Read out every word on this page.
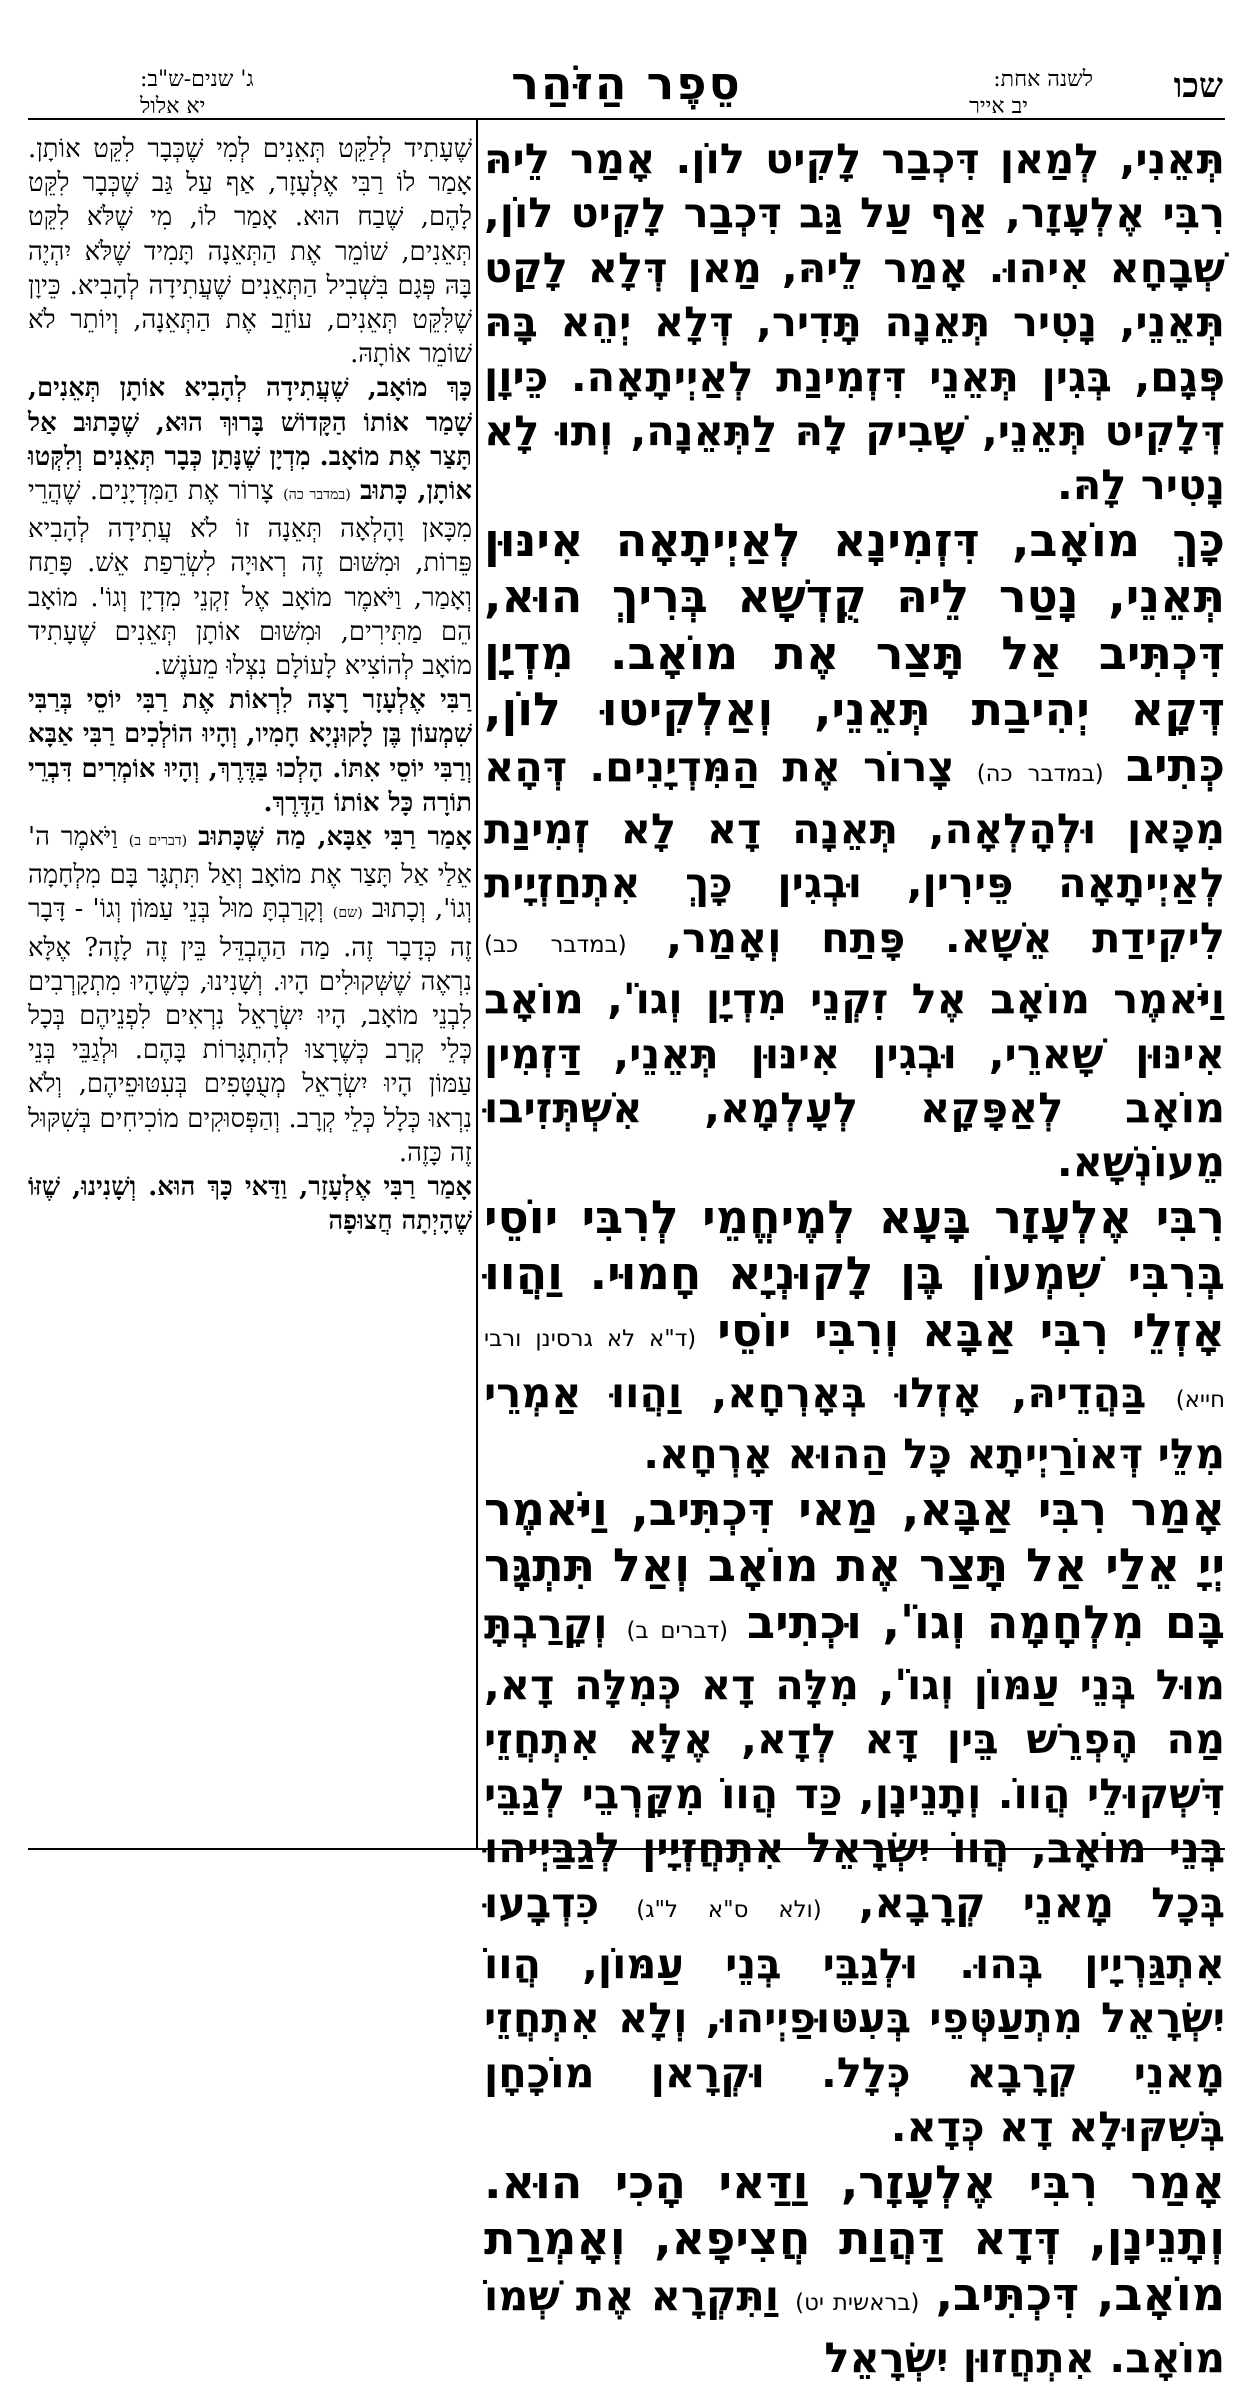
שכו
לשנה אחת:
יב אייר
סֵפֶר הַזֹּהַר
ג' שנים-ש"ב:
יא אלול

תְּאֵנִי, לְמַאן דִּכְבַר לָקִיט לוֹן. אָמַר לֵיהּ רִבִּי אֶלְעָזָר, אַף עַל גַּב דִּכְבַר לָקִיט לוֹן, שְׁבָחָא אִיהוּ. אָמַר לֵיהּ, מַאן דְּלָא לָקַט תְּאֵנֵי, נָטִיר תְּאֵנָה תָּדִיר, דְּלָא יְהֵא בָּהּ פְּגָם, בְּגִין תְּאֵנֵי דִּזְמִינַת לְאַיְיתָאָה. כֵּיוָן דְּלָקִיט תְּאֵנֵי, שָׁבִיק לָהּ לַתְּאֵנָה, וְתוּ לָא נָטִיר לָהּ.

כָּךְ מוֹאָב, דִּזְמִינָא לְאַיְיתָאָה אִינּוּן תְּאֵנֵי, נָטַר לֵיהּ קֻדְשָׁא בְּרִיךְ הוּא, דִּכְתִּיב אַל תָּצַר אֶת מוֹאָב. מִדְיָן דְּקָא יְהִיבַת תְּאֵנֵי, וְאַלְקִיטוּ לוֹן, כְּתִיב (במדבר כה) צָרוֹר אֶת הַמִּדְיָנִים. דְּהָא מִכָּאן וּלְהָלְאָה, תְּאֵנָה דָא לָא זְמִינַת לְאַיְיתָאָה פֵּירִין, וּבְגִין כָּךְ אִתְחַזְיָית לִיקִידַת אֵשָׁא. פָּתַח וְאָמַר, (במדבר כב) וַיֹּאמֶר מוֹאָב אֶל זִקְנֵי מִדְיָן וְגוֹ', מוֹאָב אִינּוּן שָׁארֵי, וּבְגִין אִינּוּן תְּאֵנֵי, דַּזְמִין מוֹאָב לְאַפָּקָא לְעָלְמָא, אִשְׁתְּזִיבוּ מֵעוֹנְשָׁא.

רִבִּי אֶלְעָזָר בָּעָא לְמֶיחֱמֵי לְרִבִּי יוֹסֵי בְּרִבִּי שִׁמְעוֹן בֶּן לָקוּנְיָא חָמוּי. וַהֲווּ אָזְלֵי רִבִּי אַבָּא וְרִבִּי יוֹסֵי (ד"א לא גרסינן ורבי חייא) בַּהֲדֵיהּ, אָזְלוּ בְּאָרְחָא, וַהֲווּ אַמְרֵי מִלֵּי דְּאוֹרַיְיתָא כָּל הַהוּא אָרְחָא.

אָמַר רִבִּי אַבָּא, מַאי דִּכְתִּיב, וַיֹּאמֶר יְיָ אֵלַי אַל תָּצַר אֶת מוֹאָב וְאַל תִּתְגָּר בָּם מִלְחָמָה וְגוֹ', וּכְתִיב (דברים ב) וְקָרַבְתָּ מוּל בְּנֵי עַמּוֹן וְגוֹ', מִלָּה דָא כְּמִלָּה דָא, מַה הֶפְרֵשׁ בֵּין דָּא לְדָא, אֶלָּא אִתְחֲזֵי דִּשְׁקוּלֵי הֲווֹ. וְתָנֵינָן, כַּד הֲווֹ מִקָּרְבֵי לְגַבֵּי בְּנֵי מוֹאָב, הֲווֹ יִשְׂרָאֵל אִתְחֲזְיָין לְגַבַּיְיהוּ בְּכָל מָאנֵי קְרָבָא, (ולא ס"א ל"ג) כִּדְבָעוּ אִתְגַּרְיָין בְּהוּ. וּלְגַבֵּי בְּנֵי עַמּוֹן, הֲווֹ יִשְׂרָאֵל מִתְעַטְּפֵי בְּעִטּוּפַיְיהוּ, וְלָא אִתְחֲזֵי מָאנֵי קְרָבָא כְּלָל. וּקְרָאן מוֹכָחָן בְּשִׁקּוּלָא דָא כְּדָא.

אָמַר רִבִּי אֶלְעָזָר, וַדַּאי הָכִי הוּא. וְתָנֵינָן, דְּדָא דַּהֲוַת חֲצִיפָא, וְאָמְרַת מוֹאָב, דִּכְתִּיב, (בראשית יט) וַתִּקְרָא אֶת שְׁמוֹ מוֹאָב. אִתְחֲזוּן יִשְׂרָאֵל

שֶׁעָתִיד לְלַקֵּט תְּאֵנִים לְמִי שֶׁכְּבָר לִקֵּט אוֹתָן. אָמַר לוֹ רַבִּי אֶלְעָזָר, אַף עַל גַּב שֶׁכְּבָר לִקֵּט לָהֶם, שֶׁבַח הוּא. אָמַר לוֹ, מִי שֶׁלֹּא לִקֵּט תְּאֵנִים, שׁוֹמֵר אֶת הַתְּאֵנָה תָּמִיד שֶׁלֹּא יִהְיֶה בָּהּ פְּגָם בִּשְׁבִיל הַתְּאֵנִים שֶׁעֲתִידָה לְהָבִיא. כֵּיוָן שֶׁלִּקֵּט תְּאֵנִים, עוֹזֵב אֶת הַתְּאֵנָה, וְיוֹתֵר לֹא שׁוֹמֵר אוֹתָהּ.

כָּךְ מוֹאָב, שֶׁעֲתִידָה לְהָבִיא אוֹתָן תְּאֵנִים, שָׁמַר אוֹתוֹ הַקָּדוֹשׁ בָּרוּךְ הוּא, שֶׁכָּתוּב אַל תָּצַר אֶת מוֹאָב. מִדְיָן שֶׁנָּתַן כְּבָר תְּאֵנִים וְלִקְּטוּ אוֹתָן, כָּתוּב (במדבר כה) צָרוֹר אֶת הַמִּדְיָנִים. שֶׁהֲרֵי מִכָּאן וָהָלְאָה תְּאֵנָה זוֹ לֹא עֲתִידָה לְהָבִיא פֵּרוֹת, וּמִשּׁוּם זֶה רְאוּיָה לִשְׂרֵפַת אֵשׁ. פָּתַח וְאָמַר, וַיֹּאמֶר מוֹאָב אֶל זִקְנֵי מִדְיָן וְגוֹ'. מוֹאָב הֵם מַתִּירִים, וּמִשּׁוּם אוֹתָן תְּאֵנִים שֶׁעָתִיד מוֹאָב לְהוֹצִיא לָעוֹלָם נִצְּלוּ מֵעֹנֶשׁ.

רַבִּי אֶלְעָזָר רָצָה לִרְאוֹת אֶת רַבִּי יוֹסֵי בְּרַבִּי שִׁמְעוֹן בֶּן לָקוּנְיָא חָמִיו, וְהָיוּ הוֹלְכִים רַבִּי אַבָּא וְרַבִּי יוֹסֵי אִתּוֹ. הָלְכוּ בַּדֶּרֶךְ, וְהָיוּ אוֹמְרִים דִּבְרֵי תוֹרָה כָּל אוֹתוֹ הַדֶּרֶךְ.

אָמַר רַבִּי אַבָּא, מַה שֶּׁכָּתוּב (דברים ב) וַיֹּאמֶר ה' אֵלַי אַל תָּצַר אֶת מוֹאָב וְאַל תִּתְגָּר בָּם מִלְחָמָה וְגוֹ', וְכָתוּב (שם) וְקָרַבְתָּ מוּל בְּנֵי עַמּוֹן וְגוֹ' - דָּבָר זֶה כְּדָבָר זֶה. מַה הַהֶבְדֵּל בֵּין זֶה לָזֶה? אֶלָּא נִרְאֶה שֶׁשְּׁקוּלִים הָיוּ. וְשָׁנִינוּ, כְּשֶׁהָיוּ מִתְקָרְבִים לִבְנֵי מוֹאָב, הָיוּ יִשְׂרָאֵל נִרְאִים לִפְנֵיהֶם בְּכָל כְּלֵי קְרָב כְּשֶׁרָצוּ לְהִתְגָּרוֹת בָּהֶם. וּלְגַבֵּי בְּנֵי עַמּוֹן הָיוּ יִשְׂרָאֵל מְעֻטָּפִים בְּעִטּוּפֵיהֶם, וְלֹא נִרְאוּ כְּלָל כְּלֵי קְרָב. וְהַפְּסוּקִים מוֹכִיחִים בְּשִׁקּוּל זֶה כָּזֶה.

אָמַר רַבִּי אֶלְעָזָר, וַדַּאי כָּךְ הוּא. וְשָׁנִינוּ, שֶׁזּוֹ שֶׁהָיְתָה חֲצוּפָה
